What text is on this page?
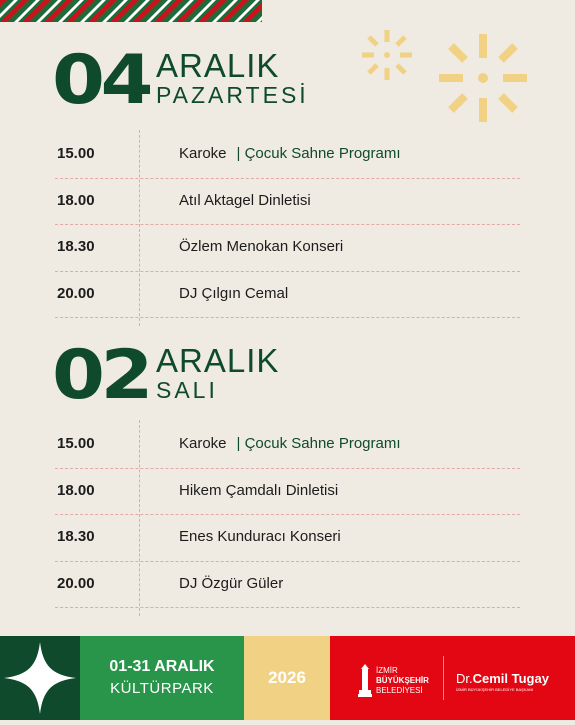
04 ARALIK
PAZARTESİ
15.00	Karoke | Çocuk Sahne Programı
18.00	Atıl Aktagel Dinletisi
18.30	Özlem Menokan Konseri
20.00	DJ Çılgın Cemal
02 ARALIK
SALI
15.00	Karoke | Çocuk Sahne Programı
18.00	Hikem Çamdalı Dinletisi
18.30	Enes Kunduracı Konseri
20.00	DJ Özgür Güler
01-31 ARALIK
KÜLTÜRPARK
2026	İZMİR
BÜYÜKŞEHİR
BELEDİYESİ
Dr.Cemil Tugay
İZMİR BÜYÜKŞEHİR BELEDİYE BAŞKANI
